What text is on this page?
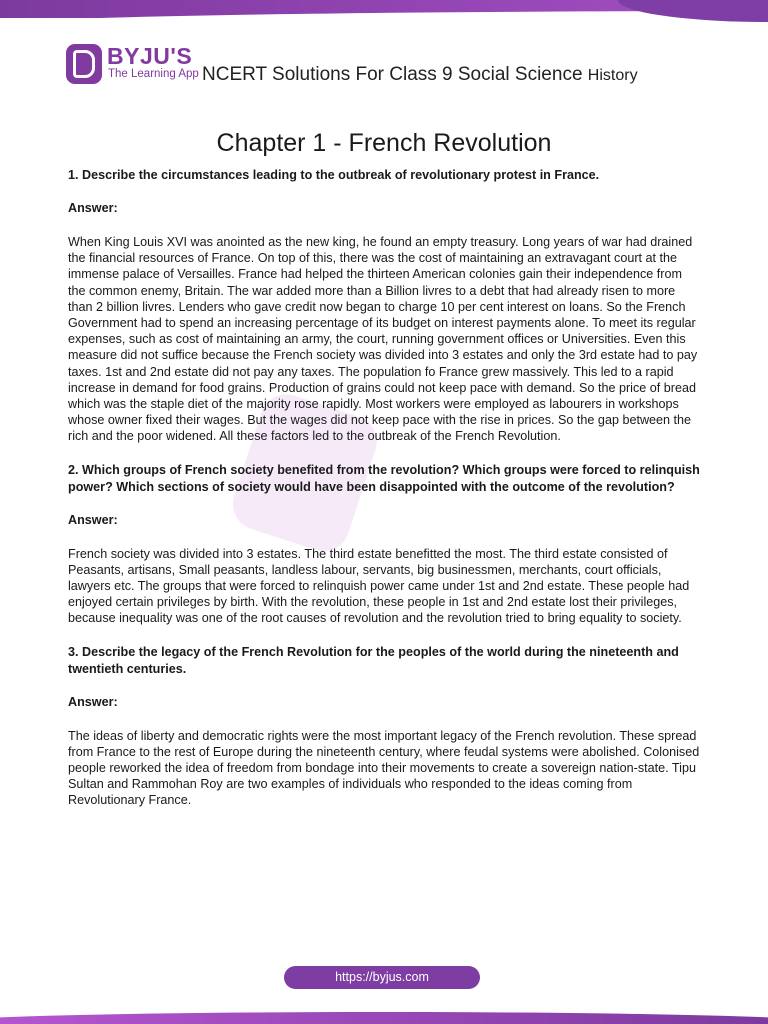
BYJU'S
The Learning App NCERT Solutions For Class 9 Social Science History
Chapter 1 - French Revolution

1. Describe the circumstances leading to the outbreak of revolutionary protest in France.

Answer:

When King Louis XVI was anointed as the new king, he found an empty treasury. Long years of war had drained the financial resources of France. On top of this, there was the cost of maintaining an extravagant court at the immense palace of Versailles. France had helped the thirteen American colonies gain their independence from the common enemy, Britain. The war added more than a Billion livres to a debt that had already risen to more than 2 billion livres. Lenders who gave credit now began to charge 10 per cent interest on loans. So the French Government had to spend an increasing percentage of its budget on interest payments alone. To meet its regular expenses, such as cost of maintaining an army, the court, running government offices or Universities. Even this measure did not suffice because the French society was divided into 3 estates and only the 3rd estate had to pay taxes. 1st and 2nd estate did not pay any taxes. The population fo France grew massively. This led to a rapid increase in demand for food grains. Production of grains could not keep pace with demand. So the price of bread which was the staple diet of the majority rose rapidly. Most workers were employed as labourers in workshops whose owner fixed their wages. But the wages did not keep pace with the rise in prices. So the gap between the rich and the poor widened. All these factors led to the outbreak of the French Revolution.

2. Which groups of French society benefited from the revolution? Which groups were forced to relinquish power? Which sections of society would have been disappointed with the outcome of the revolution?

Answer:

French society was divided into 3 estates. The third estate benefitted the most. The third estate consisted of Peasants, artisans, Small peasants, landless labour, servants, big businessmen, merchants, court officials, lawyers etc. The groups that were forced to relinquish power came under 1st and 2nd estate. These people had enjoyed certain privileges by birth. With the revolution, these people in 1st and 2nd estate lost their privileges, because inequality was one of the root causes of revolution and the revolution tried to bring equality to society.

3. Describe the legacy of the French Revolution for the peoples of the world during the nineteenth and twentieth centuries.

Answer:

The ideas of liberty and democratic rights were the most important legacy of the French revolution. These spread from France to the rest of Europe during the nineteenth century, where feudal systems were abolished. Colonised people reworked the idea of freedom from bondage into their movements to create a sovereign nation-state. Tipu Sultan and Rammohan Roy are two examples of individuals who responded to the ideas coming from Revolutionary France.

https://byjus.com
